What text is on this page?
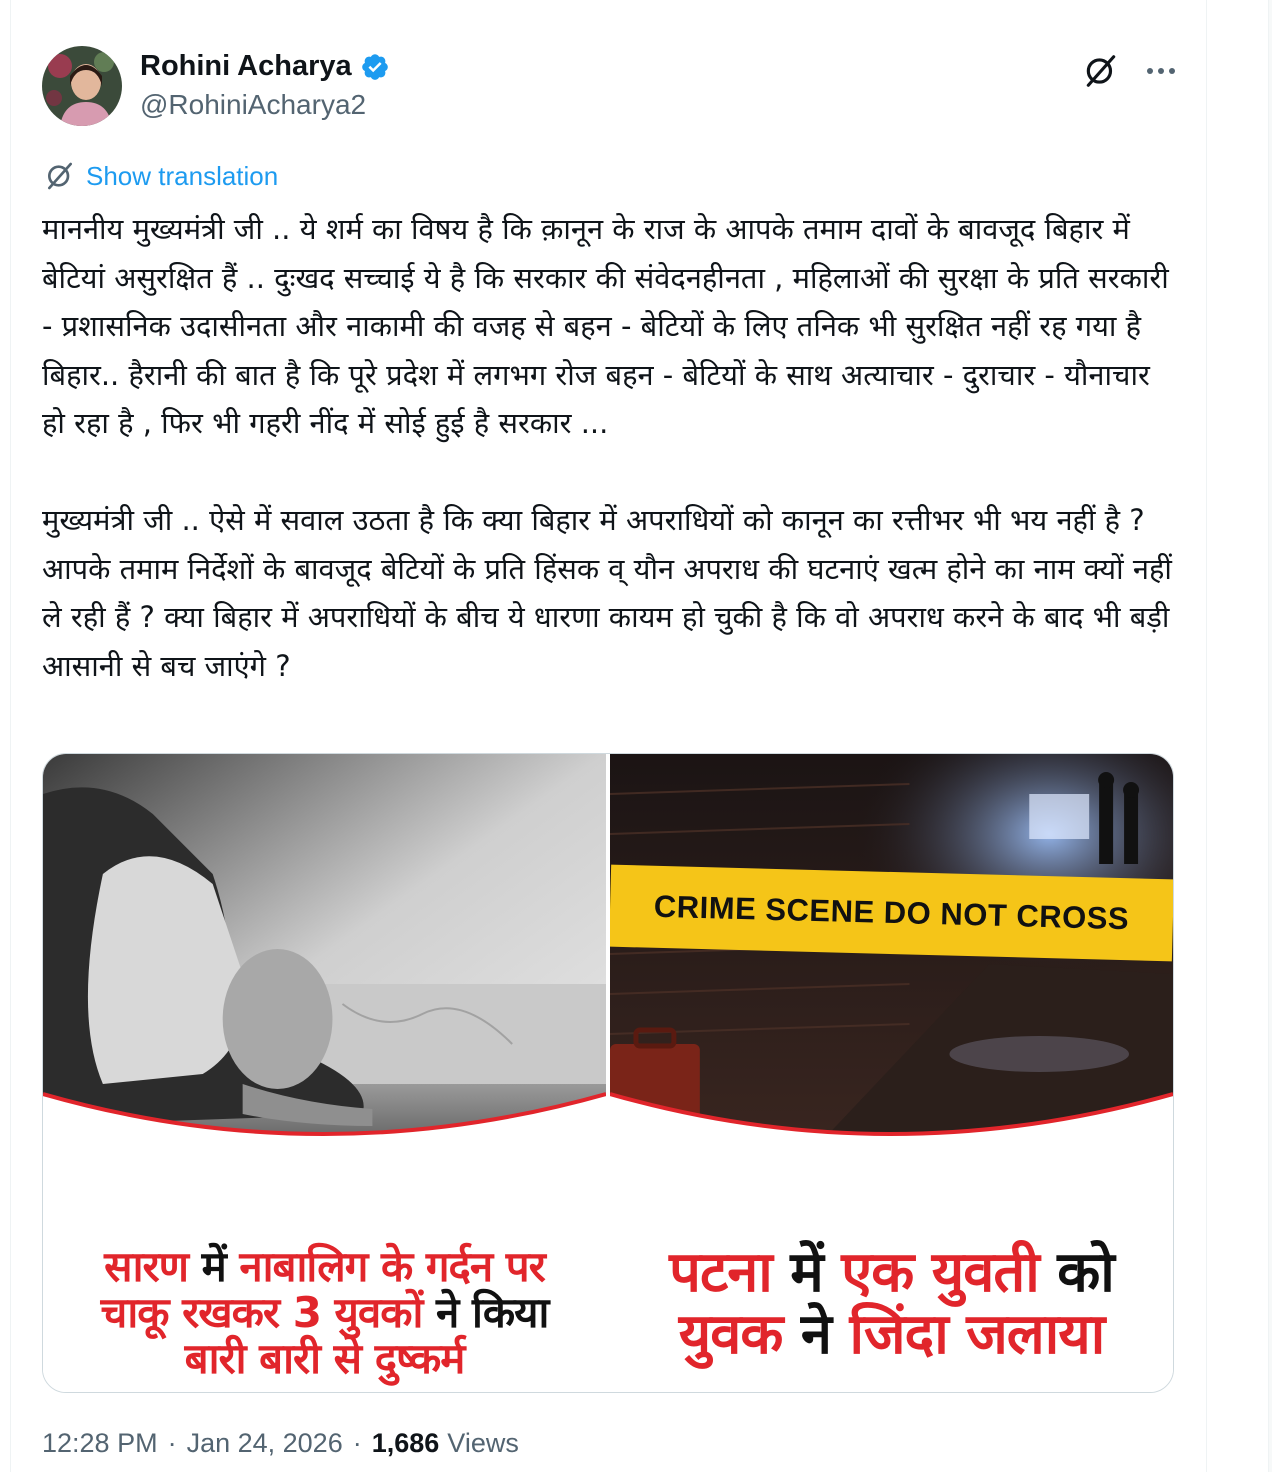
Rohini Acharya
@RohiniAcharya2
Show translation

माननीय मुख्यमंत्री जी .. ये शर्म का विषय है कि क़ानून के राज के आपके तमाम दावों के बावजूद बिहार में बेटियां असुरक्षित हैं .. दुःखद सच्चाई ये है कि सरकार की संवेदनहीनता , महिलाओं की सुरक्षा के प्रति सरकारी - प्रशासनिक उदासीनता और नाकामी की वजह से बहन - बेटियों के लिए तनिक भी सुरक्षित नहीं रह गया है बिहार.. हैरानी की बात है कि पूरे प्रदेश में लगभग रोज बहन - बेटियों के साथ अत्याचार - दुराचार - यौनाचार हो रहा है , फिर भी गहरी नींद में सोई हुई है सरकार ...

मुख्यमंत्री जी .. ऐसे में सवाल उठता है कि क्या बिहार में अपराधियों को कानून का रत्तीभर भी भय नहीं है ? आपके तमाम निर्देशों के बावजूद बेटियों के प्रति हिंसक व् यौन अपराध की घटनाएं खत्म होने का नाम क्यों नहीं ले रही हैं ? क्या बिहार में अपराधियों के बीच ये धारणा कायम हो चुकी है कि वो अपराध करने के बाद भी बड़ी आसानी से बच जाएंगे ?

सारण में नाबालिग के गर्दन पर चाकू रखकर 3 युवकों ने किया बारी बारी से दुष्कर्म
CRIME SCENE DO NOT CROSS
पटना में एक युवती को युवक ने जिंदा जलाया
12:28 PM · Jan 24, 2026 · 1,686 Views
